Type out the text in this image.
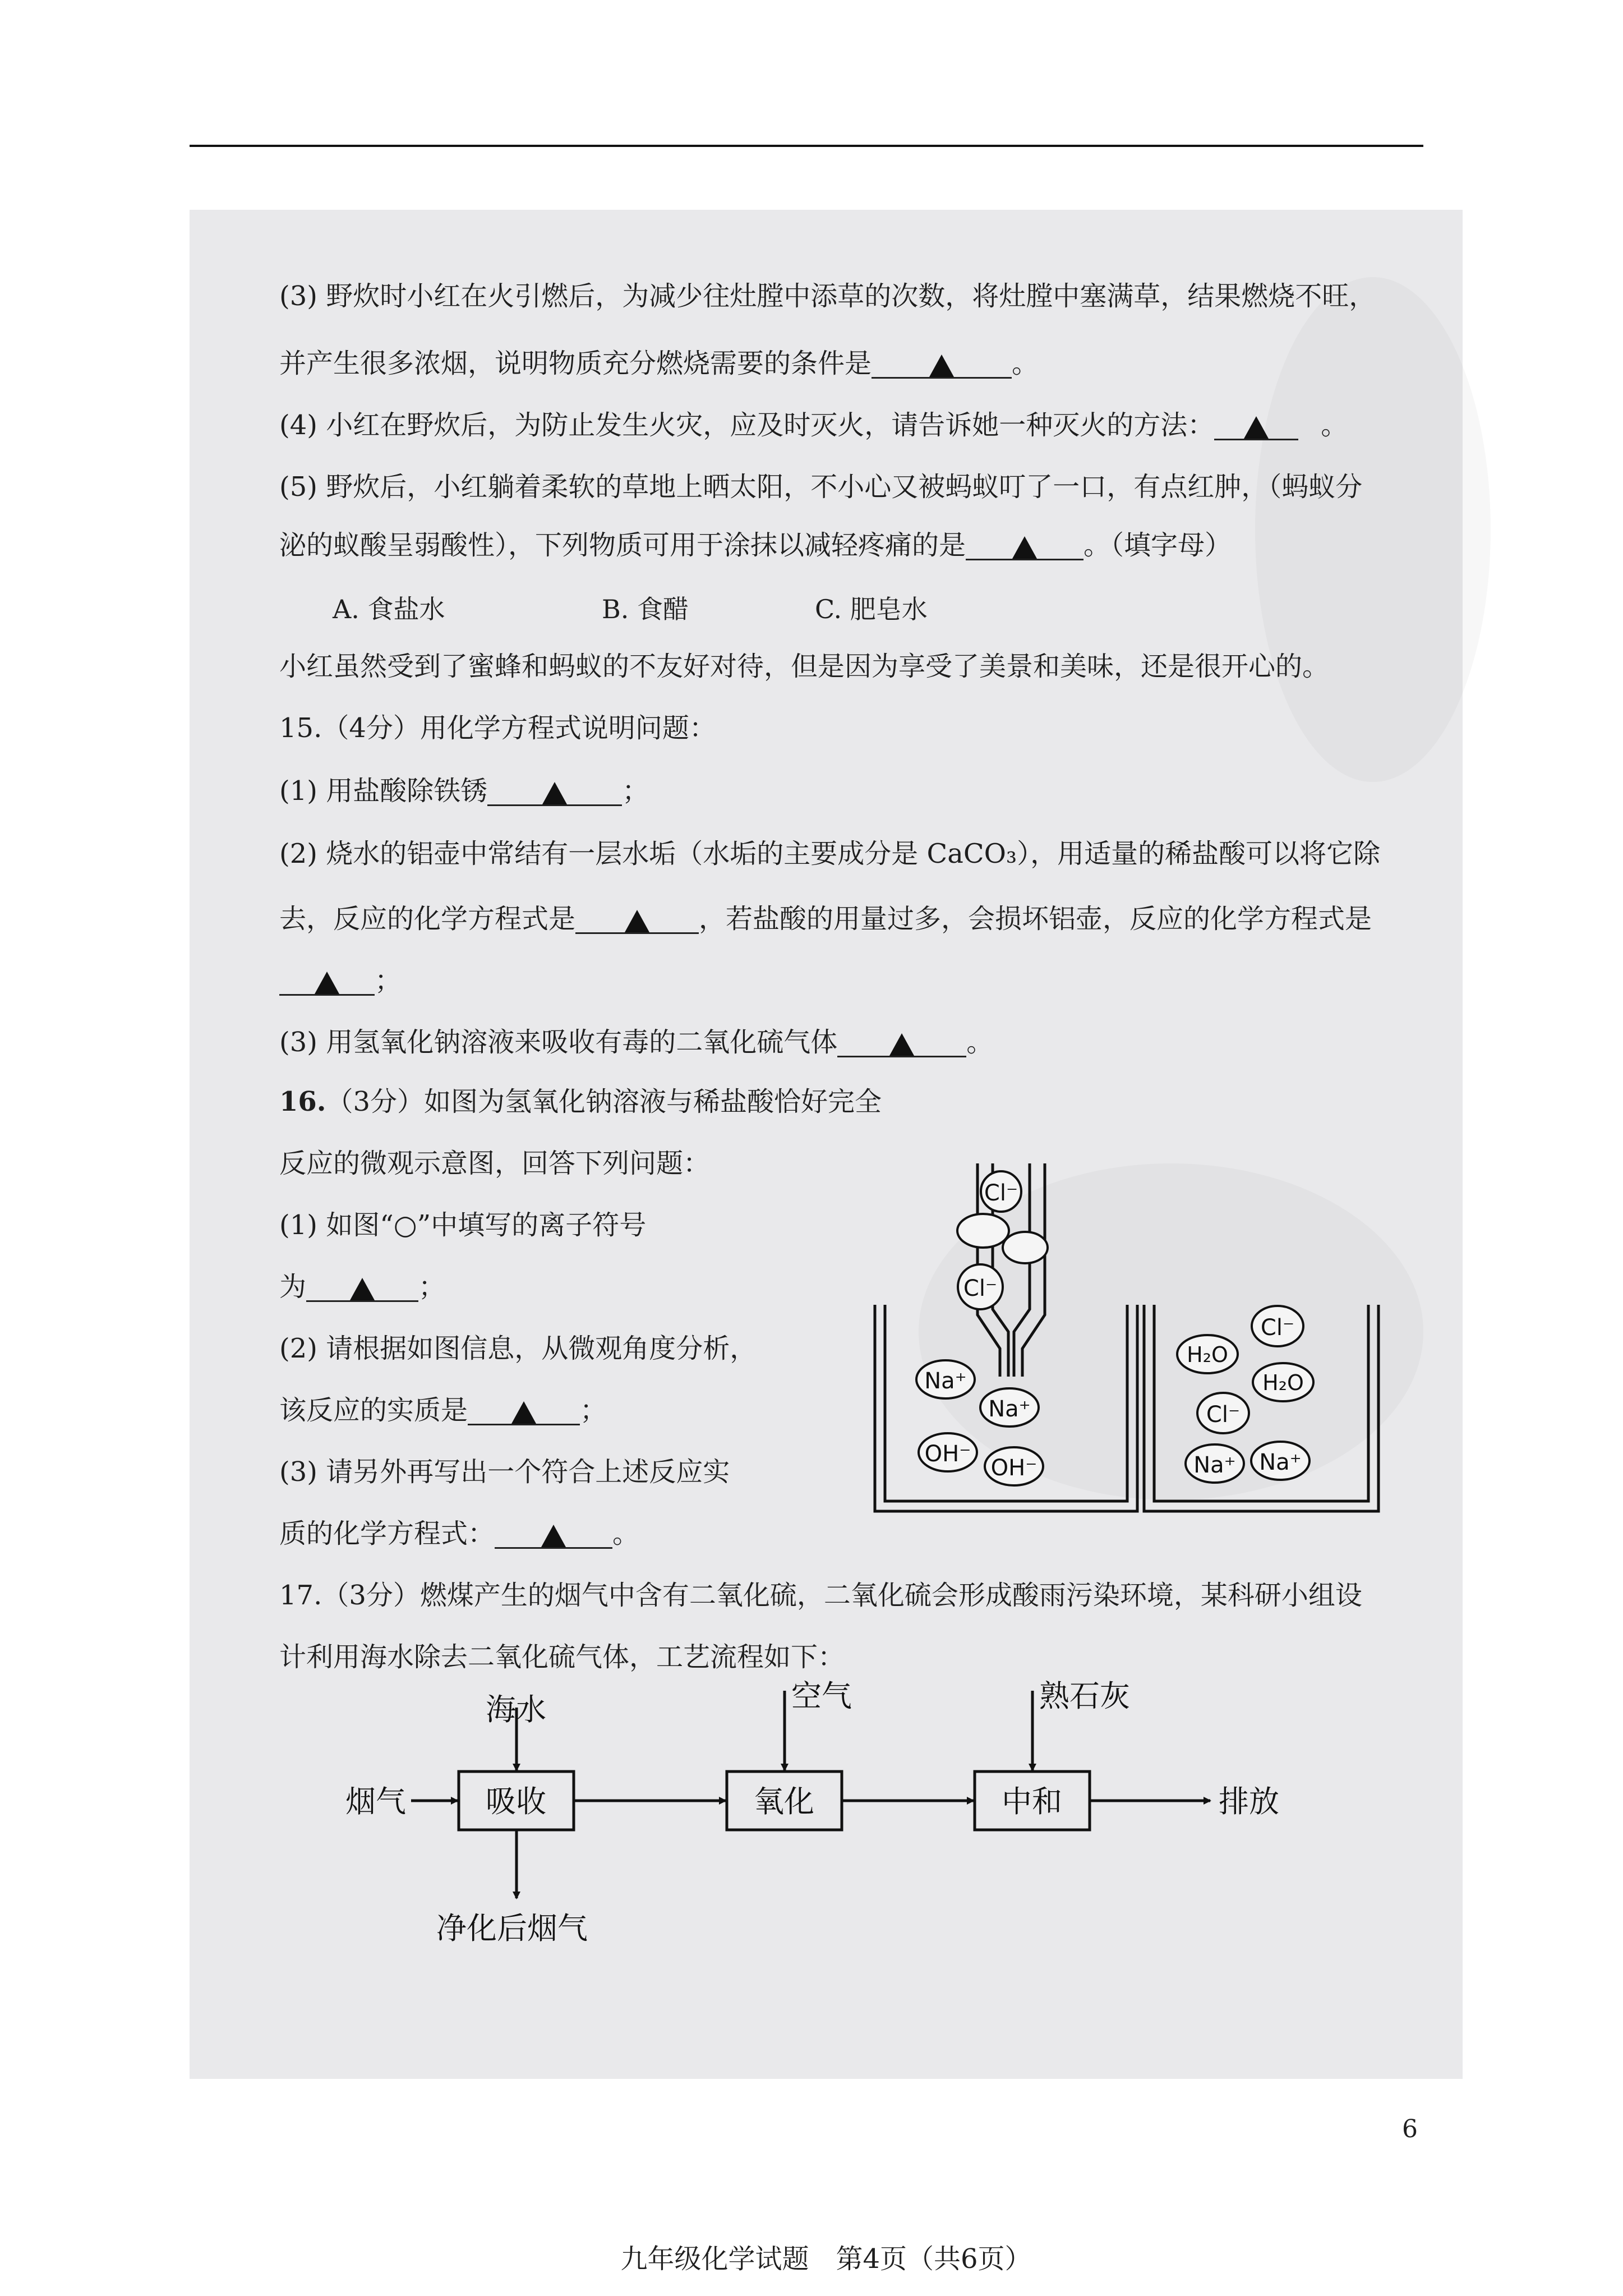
(3) 野炊时小红在火引燃后，为减少往灶膛中添草的次数，将灶膛中塞满草，结果燃烧不旺，
并产生很多浓烟，说明物质充分燃烧需要的条件是	。
(4) 小红在野炊后，为防止发生火灾，应及时灭火，请告诉她一种灭火的方法：	。
(5) 野炊后，小红躺着柔软的草地上晒太阳，不小心又被蚂蚁叮了一口，有点红肿，（蚂蚁分
泌的蚁酸呈弱酸性），下列物质可用于涂抹以减轻疼痛的是	。（填字母）
A. 食盐水	B. 食醋	C. 肥皂水
小红虽然受到了蜜蜂和蚂蚁的不友好对待，但是因为享受了美景和美味，还是很开心的。
15.（4分）用化学方程式说明问题：
(1) 用盐酸除铁锈	；
(2) 烧水的铝壶中常结有一层水垢（水垢的主要成分是 CaCO₃），用适量的稀盐酸可以将它除
去，反应的化学方程式是	，若盐酸的用量过多，会损坏铝壶，反应的化学方程式是
；
(3) 用氢氧化钠溶液来吸收有毒的二氧化硫气体	。
16.（3分）如图为氢氧化钠溶液与稀盐酸恰好完全
反应的微观示意图，回答下列问题：
(1) 如图“○”中填写的离子符号
为	；
(2) 请根据如图信息，从微观角度分析，
该反应的实质是	；
(3) 请另外再写出一个符合上述反应实
质的化学方程式：	。
17.（3分）燃煤产生的烟气中含有二氧化硫，二氧化硫会形成酸雨污染环境，某科研小组设
计利用海水除去二氧化硫气体，工艺流程如下：
Cl⁻
Cl⁻
Na⁺
Na⁺
OH⁻
OH⁻
Cl⁻
H₂O
H₂O
Cl⁻
Na⁺ Na⁺
海水	空气	熟石灰
烟气	吸收	氧化	中和	排放
净化后烟气
九年级化学试题　第4页（共6页）
6
